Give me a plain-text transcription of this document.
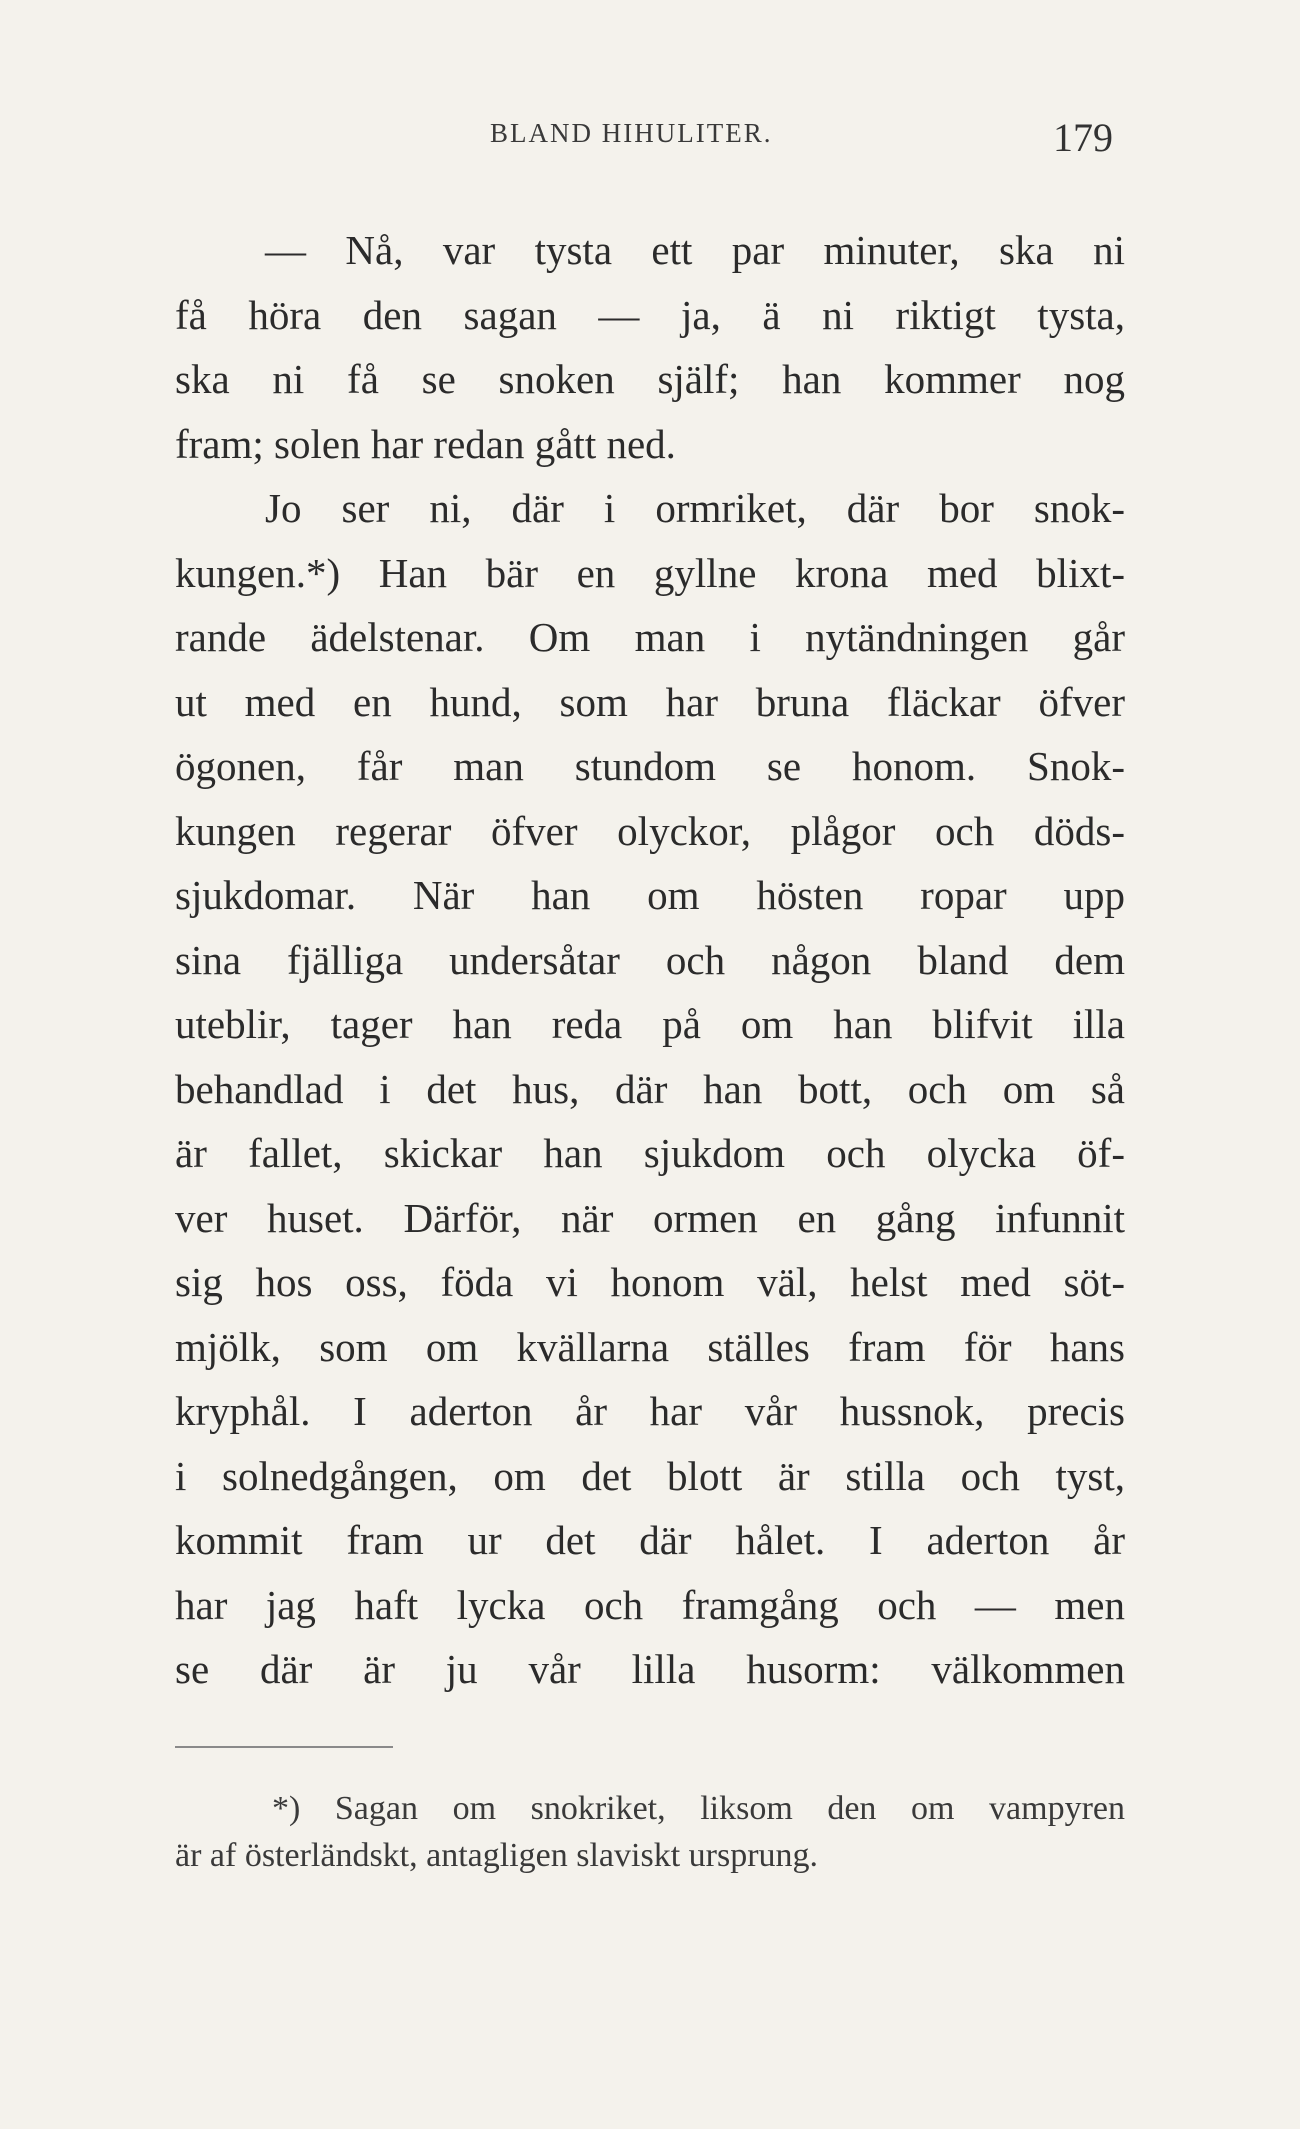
BLAND HIHULITER.	179
— Nå, var tysta ett par minuter, ska ni
få höra den sagan — ja, ä ni riktigt tysta,
ska ni få se snoken själf; han kommer nog
fram; solen har redan gått ned.
Jo ser ni, där i ormriket, där bor snok-
kungen.*) Han bär en gyllne krona med blixt-
rande ädelstenar. Om man i nytändningen går
ut med en hund, som har bruna fläckar öfver
ögonen, får man stundom se honom. Snok-
kungen regerar öfver olyckor, plågor och döds-
sjukdomar. När han om hösten ropar upp
sina fjälliga undersåtar och någon bland dem
uteblir, tager han reda på om han blifvit illa
behandlad i det hus, där han bott, och om så
är fallet, skickar han sjukdom och olycka öf-
ver huset. Därför, när ormen en gång infunnit
sig hos oss, föda vi honom väl, helst med söt-
mjölk, som om kvällarna ställes fram för hans
kryphål. I aderton år har vår hussnok, precis
i solnedgången, om det blott är stilla och tyst,
kommit fram ur det där hålet. I aderton år
har jag haft lycka och framgång och — men
se där är ju vår lilla husorm: välkommen
*) Sagan om snokriket, liksom den om vampyren
är af österländskt, antagligen slaviskt ursprung.
